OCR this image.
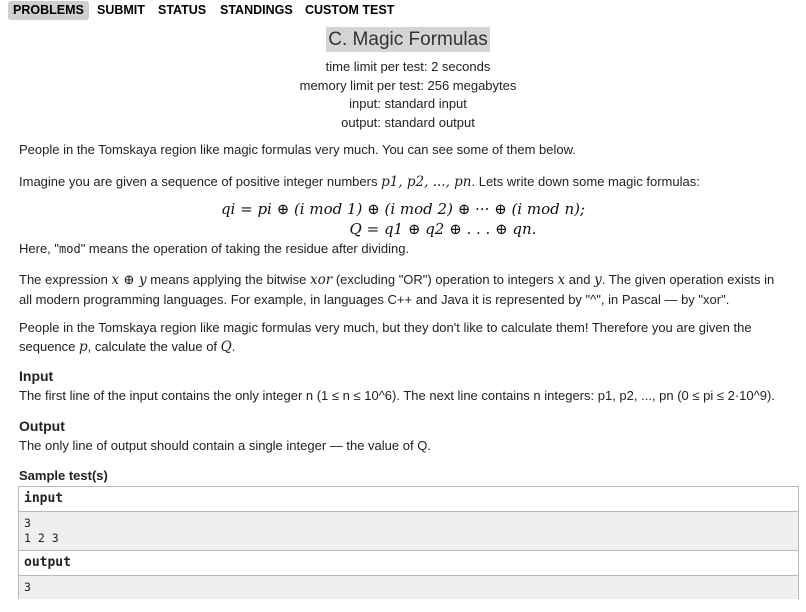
PROBLEMS	SUBMIT STATUS STANDINGS CUSTOM TEST
C. Magic Formulas
time limit per test: 2 seconds
memory limit per test: 256 megabytes
input: standard input
output: standard output
People in the Tomskaya region like magic formulas very much. You can see some of them below.
Imagine you are given a sequence of positive integer numbers p1, p2, ..., pn. Lets write down some magic formulas:
qi = pi ⊕ (i mod 1) ⊕ (i mod 2) ⊕ ··· ⊕ (i mod n);
Q = q1 ⊕ q2 ⊕ . . . ⊕ qn.
Here, "mod" means the operation of taking the residue after dividing.
The expression x ⊕ y means applying the bitwise xor (excluding "OR") operation to integers x and y. The given operation exists in all modern programming languages. For example, in languages C++ and Java it is represented by "^", in Pascal — by "xor".
People in the Tomskaya region like magic formulas very much, but they don't like to calculate them! Therefore you are given the sequence p, calculate the value of Q.
Input
The first line of the input contains the only integer n (1 ≤ n ≤ 10^6). The next line contains n integers: p1, p2, ..., pn (0 ≤ pi ≤ 2·10^9).
Output
The only line of output should contain a single integer — the value of Q.
Sample test(s)
input
3
1 2 3
output
3
